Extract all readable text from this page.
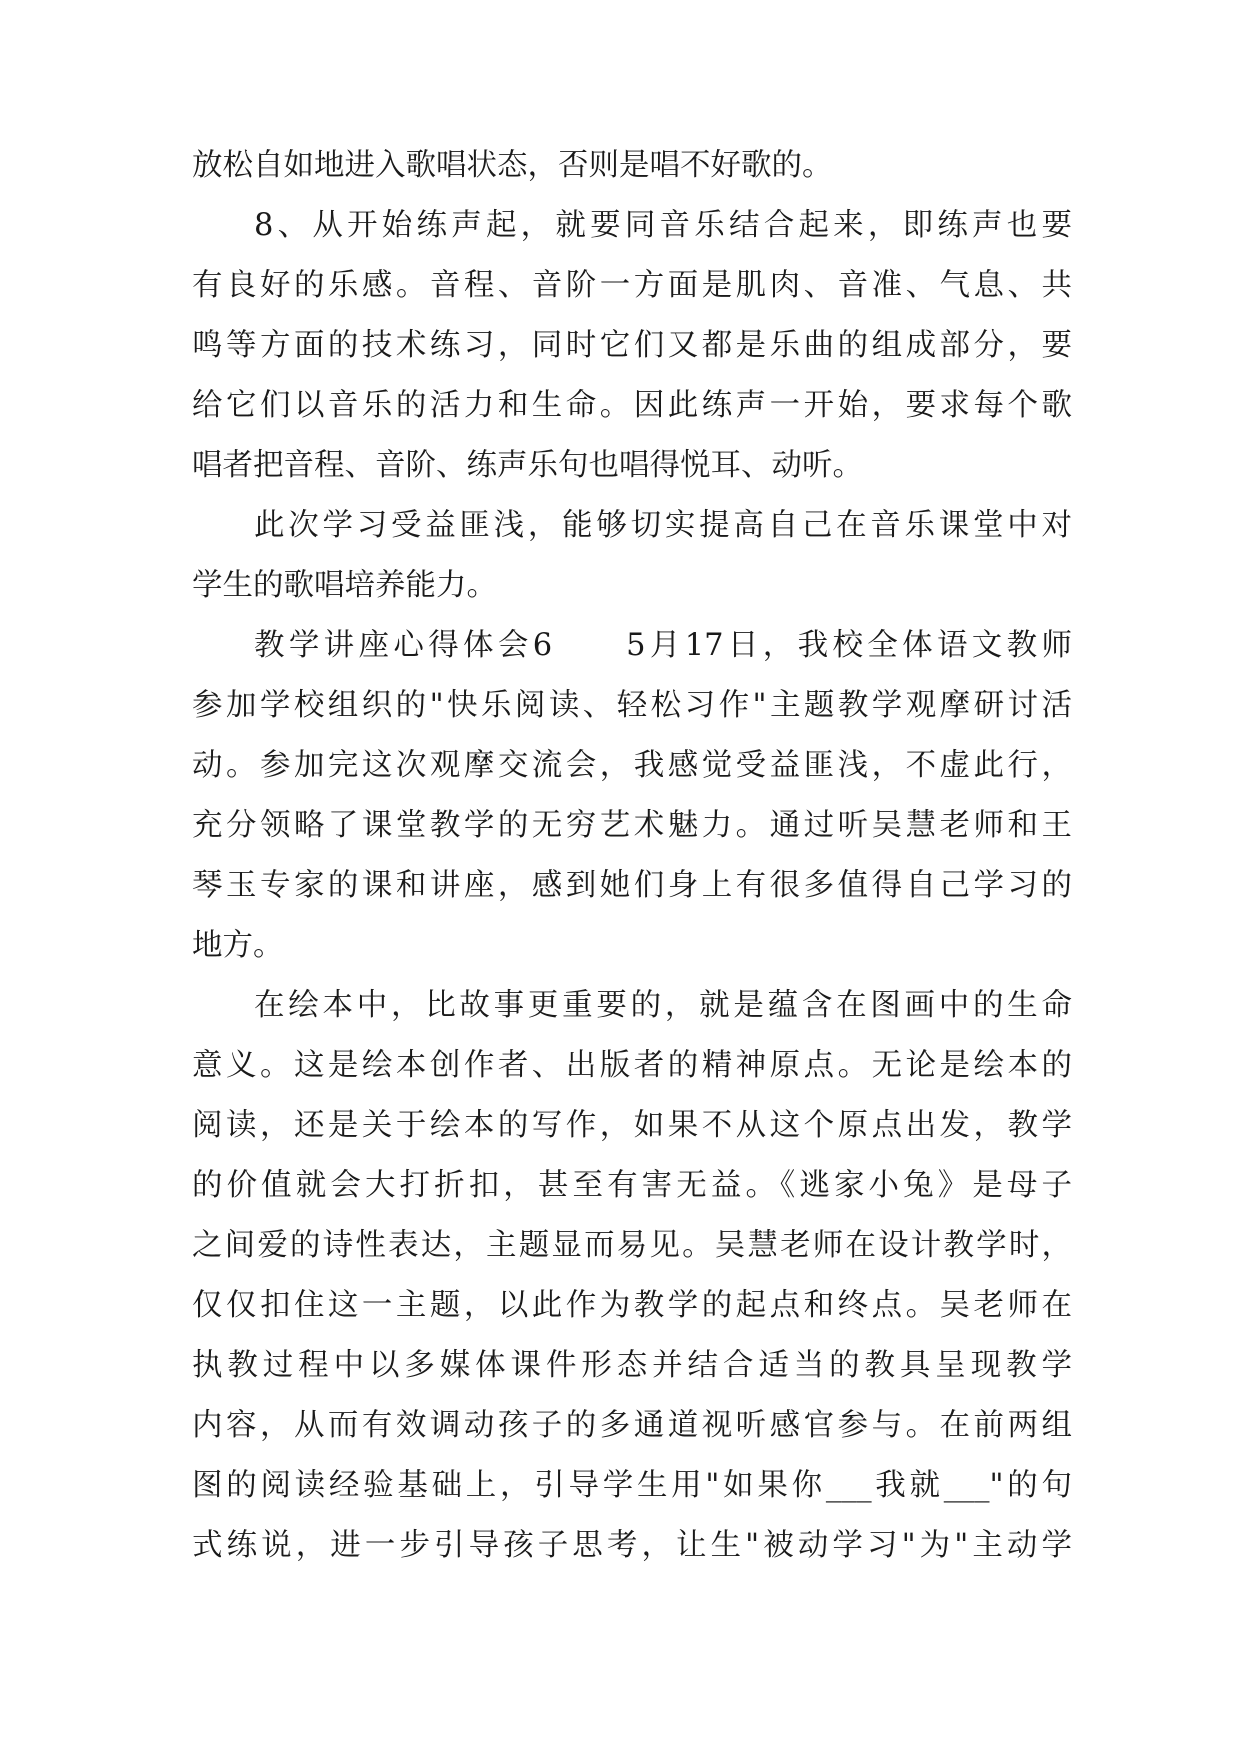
放松自如地进入歌唱状态，否则是唱不好歌的。
8、从开始练声起，就要同音乐结合起来，即练声也要
有良好的乐感。音程、音阶一方面是肌肉、音准、气息、共
鸣等方面的技术练习，同时它们又都是乐曲的组成部分，要
给它们以音乐的活力和生命。因此练声一开始，要求每个歌
唱者把音程、音阶、练声乐句也唱得悦耳、动听。
此次学习受益匪浅，能够切实提高自己在音乐课堂中对
学生的歌唱培养能力。
教学讲座心得体会6　　5月17日，我校全体语文教师
参加学校组织的"快乐阅读、轻松习作"主题教学观摩研讨活
动。参加完这次观摩交流会，我感觉受益匪浅，不虚此行，
充分领略了课堂教学的无穷艺术魅力。通过听吴慧老师和王
琴玉专家的课和讲座，感到她们身上有很多值得自己学习的
地方。
在绘本中，比故事更重要的，就是蕴含在图画中的生命
意义。这是绘本创作者、出版者的精神原点。无论是绘本的
阅读，还是关于绘本的写作，如果不从这个原点出发，教学
的价值就会大打折扣，甚至有害无益。《逃家小兔》是母子
之间爱的诗性表达，主题显而易见。吴慧老师在设计教学时，
仅仅扣住这一主题，以此作为教学的起点和终点。吴老师在
执教过程中以多媒体课件形态并结合适当的教具呈现教学
内容，从而有效调动孩子的多通道视听感官参与。在前两组
图的阅读经验基础上，引导学生用"如果你___我就___"的句
式练说，进一步引导孩子思考，让生"被动学习"为"主动学
